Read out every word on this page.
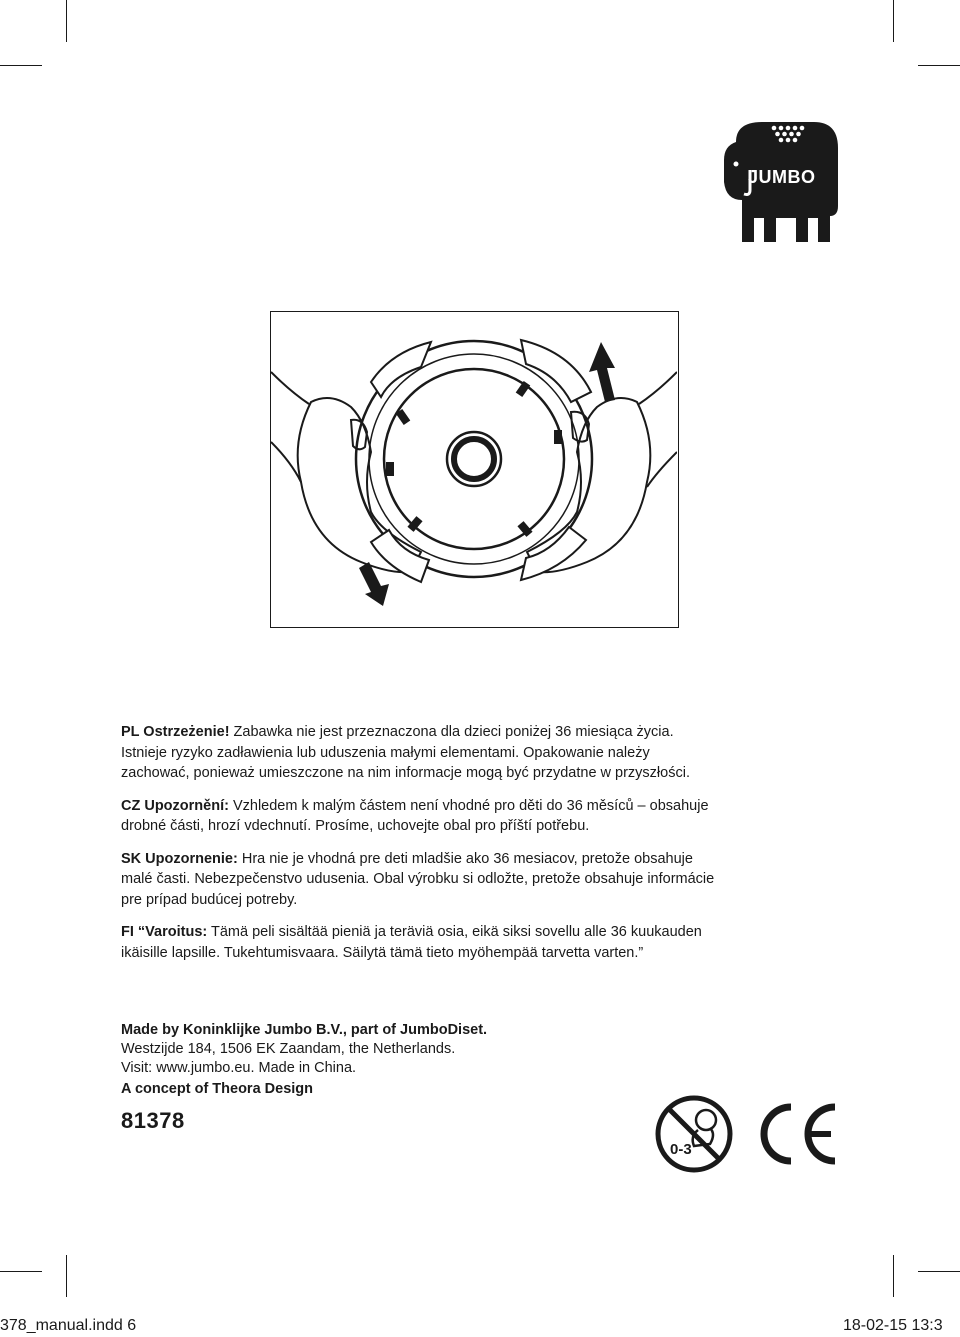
JUMBO

PL Ostrzeżenie! Zabawka nie jest przeznaczona dla dzieci poniżej 36 miesiąca życia. Istnieje ryzyko zadławienia lub uduszenia małymi elementami. Opakowanie należy zachować, ponieważ umieszczone na nim informacje mogą być przydatne w przyszłości.

CZ Upozornění: Vzhledem k malým částem není vhodné pro děti do 36 měsíců – obsahuje drobné části, hrozí vdechnutí. Prosíme, uchovejte obal pro příští potřebu.

SK Upozornenie: Hra nie je vhodná pre deti mladšie ako 36 mesiacov, pretože obsahuje malé časti. Nebezpečenstvo udusenia. Obal výrobku si odložte, pretože obsahuje informácie pre prípad budúcej potreby.

FI “Varoitus: Tämä peli sisältää pieniä ja teräviä osia, eikä siksi sovellu alle 36 kuukauden ikäisille lapsille. Tukehtumisvaara. Säilytä tämä tieto myöhempää tarvetta varten.”

Made by Koninklijke Jumbo B.V., part of JumboDiset.
Westzijde 184, 1506 EK Zaandam, the Netherlands.
Visit: www.jumbo.eu. Made in China.
A concept of Theora Design
81378
0-3
378_manual.indd 6	18-02-15 13:3
